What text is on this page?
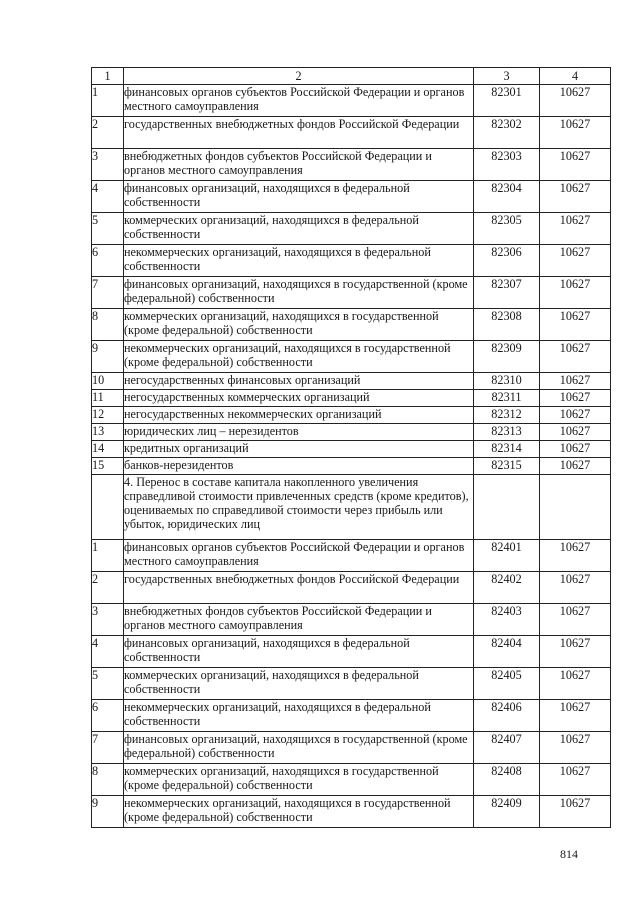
1	2	3	4
1	финансовых органов субъектов Российской Федерации и органов местного самоуправления	82301	10627
2	государственных внебюджетных фондов Российской Федерации	82302	10627
3	внебюджетных фондов субъектов Российской Федерации и органов местного самоуправления	82303	10627
4	финансовых организаций, находящихся в федеральной собственности	82304	10627
5	коммерческих организаций, находящихся в федеральной собственности	82305	10627
6	некоммерческих организаций, находящихся в федеральной собственности	82306	10627
7	финансовых организаций, находящихся в государственной (кроме федеральной) собственности	82307	10627
8	коммерческих организаций, находящихся в государственной (кроме федеральной) собственности	82308	10627
9	некоммерческих организаций, находящихся в государственной (кроме федеральной) собственности	82309	10627
10	негосударственных финансовых организаций	82310	10627
11	негосударственных коммерческих организаций	82311	10627
12	негосударственных некоммерческих организаций	82312	10627
13	юридических лиц – нерезидентов	82313	10627
14	кредитных организаций	82314	10627
15	банков-нерезидентов	82315	10627
	4. Перенос в составе капитала накопленного увеличения справедливой стоимости привлеченных средств (кроме кредитов), оцениваемых по справедливой стоимости через прибыль или убыток, юридических лиц		
1	финансовых органов субъектов Российской Федерации и органов местного самоуправления	82401	10627
2	государственных внебюджетных фондов Российской Федерации	82402	10627
3	внебюджетных фондов субъектов Российской Федерации и органов местного самоуправления	82403	10627
4	финансовых организаций, находящихся в федеральной собственности	82404	10627
5	коммерческих организаций, находящихся в федеральной собственности	82405	10627
6	некоммерческих организаций, находящихся в федеральной собственности	82406	10627
7	финансовых организаций, находящихся в государственной (кроме федеральной) собственности	82407	10627
8	коммерческих организаций, находящихся в государственной (кроме федеральной) собственности	82408	10627
9	некоммерческих организаций, находящихся в государственной (кроме федеральной) собственности	82409	10627
814
